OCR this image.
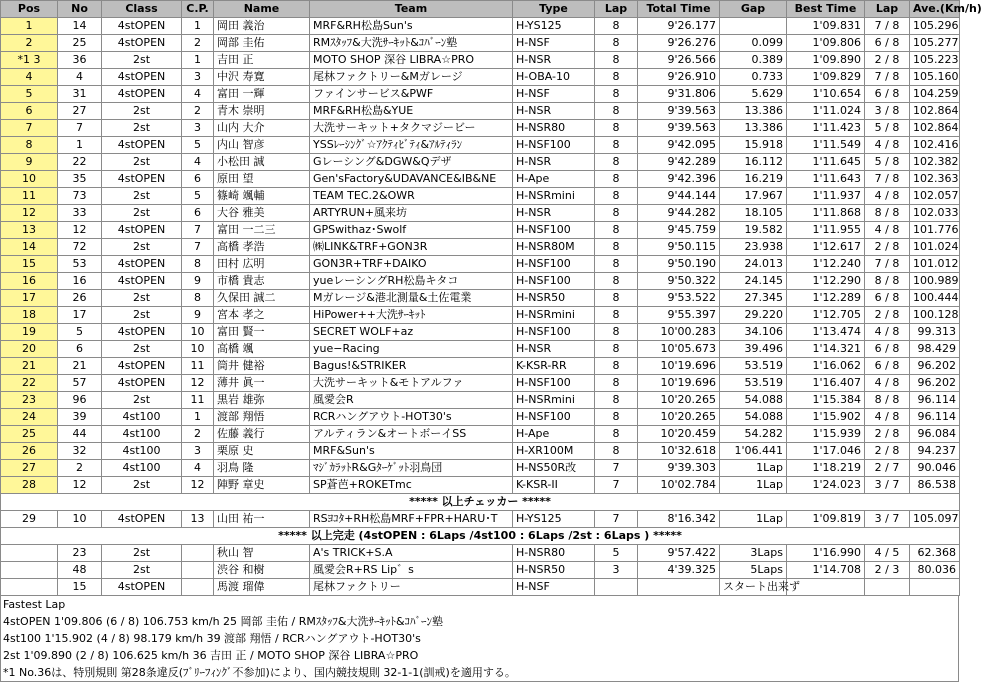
Pos	No	Class	C.P.	Name	Team	Type	Lap	Total Time	Gap	Best Time	Lap	Ave.(Km/h)
1	14	4stOPEN	1	岡田 義治	MRF&RH松島Sun's	H-YS125	8	9'26.177		1'09.831	7 / 8	105.296
2	25	4stOPEN	2	岡部 圭佑	RMｽﾀｯﾌ&大洗ｻｰｷｯﾄ&ｺﾊﾞｰﾝ塾	H-NSF	8	9'26.276	0.099	1'09.806	6 / 8	105.277
*1 3	36	2st	1	吉田 正	MOTO SHOP 深谷 LIBRA☆PRO	H-NSR	8	9'26.566	0.389	1'09.890	2 / 8	105.223
4	4	4stOPEN	3	中沢 寿寛	尾林ファクトリー&Mガレージ	H-OBA-10	8	9'26.910	0.733	1'09.829	7 / 8	105.160
5	31	4stOPEN	4	富田 一輝	ファインサービス&PWF	H-NSF	8	9'31.806	5.629	1'10.654	6 / 8	104.259
6	27	2st	2	青木 崇明	MRF&RH松島&YUE	H-NSR	8	9'39.563	13.386	1'11.024	3 / 8	102.864
7	7	2st	3	山内 大介	大洗サーキット+タクマジービー	H-NSR80	8	9'39.563	13.386	1'11.423	5 / 8	102.864
8	1	4stOPEN	5	内山 智彦	YSSﾚｰｼﾝｸﾞ☆ｱｸﾃｨﾋﾞﾃｨ&ｱﾙﾃｨﾗﾝ	H-NSF100	8	9'42.095	15.918	1'11.549	4 / 8	102.416
9	22	2st	4	小松田 誠	Gレーシング&DGW&Qデザ	H-NSR	8	9'42.289	16.112	1'11.645	5 / 8	102.382
10	35	4stOPEN	6	原田 望	Gen'sFactory&UDAVANCE&IB&NE	H-Ape	8	9'42.396	16.219	1'11.643	7 / 8	102.363
11	73	2st	5	篠崎 颯輔	TEAM TEC.2&OWR	H-NSRmini	8	9'44.144	17.967	1'11.937	4 / 8	102.057
12	33	2st	6	大谷 雅美	ARTYRUN+風来坊	H-NSR	8	9'44.282	18.105	1'11.868	8 / 8	102.033
13	12	4stOPEN	7	富田 一二三	GPSwithaz･Swolf	H-NSF100	8	9'45.759	19.582	1'11.955	4 / 8	101.776
14	72	2st	7	高橋 孝浩	㈱LINK&TRF+GON3R	H-NSR80M	8	9'50.115	23.938	1'12.617	2 / 8	101.024
15	53	4stOPEN	8	田村 広明	GON3R+TRF+DAIKO	H-NSF100	8	9'50.190	24.013	1'12.240	7 / 8	101.012
16	16	4stOPEN	9	市橋 貴志	yueレーシングRH松島キタコ	H-NSF100	8	9'50.322	24.145	1'12.290	8 / 8	100.989
17	26	2st	8	久保田 誠二	Mガレージ&港北測量&土佐電業	H-NSR50	8	9'53.522	27.345	1'12.289	6 / 8	100.444
18	17	2st	9	宮本 孝之	HiPower++大洗ｻｰｷｯﾄ	H-NSRmini	8	9'55.397	29.220	1'12.705	2 / 8	100.128
19	5	4stOPEN	10	富田 賢一	SECRET WOLF+az	H-NSF100	8	10'00.283	34.106	1'13.474	4 / 8	99.313
20	6	2st	10	高橋 颯	yue−Racing	H-NSR	8	10'05.673	39.496	1'14.321	6 / 8	98.429
21	21	4stOPEN	11	筒井 健裕	Bagus!&STRIKER	K-KSR-RR	8	10'19.696	53.519	1'16.062	6 / 8	96.202
22	57	4stOPEN	12	薄井 眞一	大洗サーキット&モトアルファ	H-NSF100	8	10'19.696	53.519	1'16.407	4 / 8	96.202
23	96	2st	11	黒岩 雄弥	風愛会R	H-NSRmini	8	10'20.265	54.088	1'15.384	8 / 8	96.114
24	39	4st100	1	渡部 翔悟	RCRハングアウト-HOT30's	H-NSF100	8	10'20.265	54.088	1'15.902	4 / 8	96.114
25	44	4st100	2	佐藤 義行	アルティラン&オートボーイSS	H-Ape	8	10'20.459	54.282	1'15.939	2 / 8	96.084
26	32	4st100	3	栗原 史	MRF&Sun's	H-XR100M	8	10'32.618	1'06.441	1'17.046	2 / 8	94.237
27	2	4st100	4	羽鳥 隆	ﾏｼﾞｶﾗｯﾄR&Gﾀｰｹﾞｯﾄ羽鳥団	H-NS50R改	7	9'39.303	1Lap	1'18.219	2 / 7	90.046
28	12	2st	12	陣野 章史	SP蒼芭+ROKETmc	K-KSR-II	7	10'02.784	1Lap	1'24.023	3 / 7	86.538
***** 以上チェッカー *****												
29	10	4stOPEN	13	山田 祐一	RSﾖｺﾀ+RH松島MRF+FPR+HARU･T	H-YS125	7	8'16.342	1Lap	1'09.819	3 / 7	105.097
***** 以上完走 (4stOPEN : 6Laps /4st100 : 6Laps /2st : 6Laps ) *****												
	23	2st		秋山 智	A's TRICK+S.A	H-NSR80	5	9'57.422	3Laps	1'16.990	4 / 5	62.368
	48	2st		渋谷 和樹	風愛会R+RS Lip゛s	H-NSR50	3	4'39.325	5Laps	1'14.708	2 / 3	80.036
	15	4stOPEN		馬渡 瑠偉	尾林ファクトリー	H-NSF			スタート出来ず			
Fastest Lap
4stOPEN 1'09.806 (6 / 8) 106.753 km/h 25 岡部 圭佑 / RMｽﾀｯﾌ&大洗ｻｰｷｯﾄ&ｺﾊﾞｰﾝ塾
4st100 1'15.902 (4 / 8) 98.179 km/h 39 渡部 翔悟 / RCRハングアウト-HOT30's
2st 1'09.890 (2 / 8) 106.625 km/h 36 吉田 正 / MOTO SHOP 深谷 LIBRA☆PRO
*1 No.36は、特別規則 第28条違反(ﾌﾞﾘｰﾌｨﾝｸﾞ不参加)により、国内競技規則 32-1-1(訓戒)を適用する。
